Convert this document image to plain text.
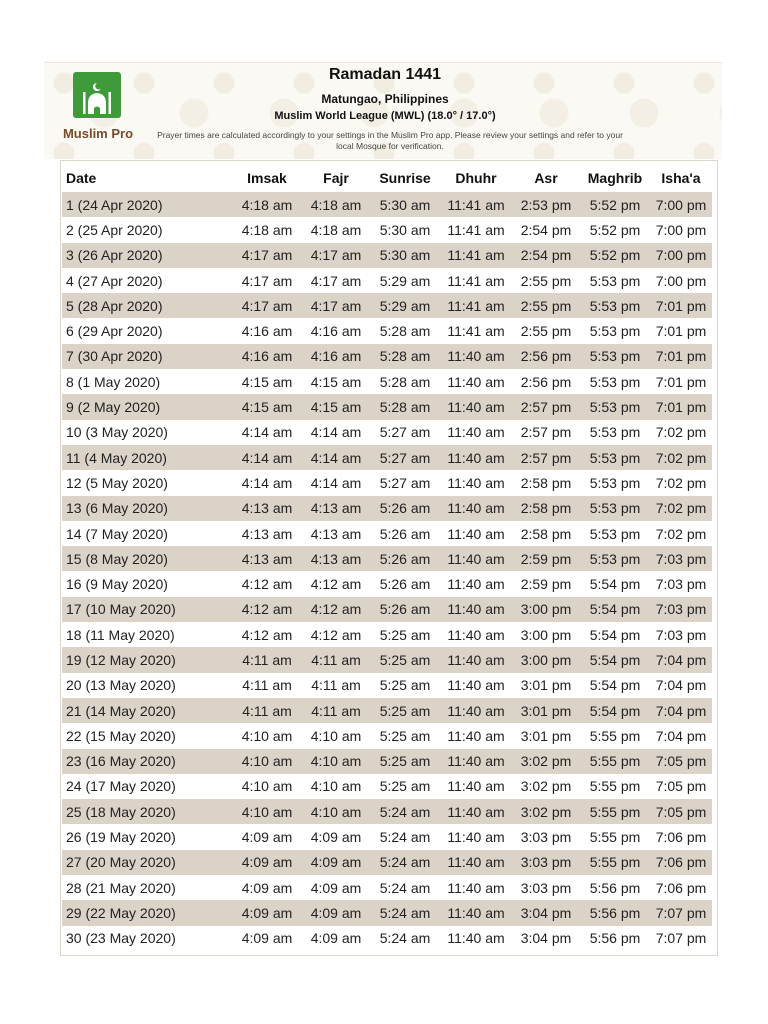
Muslim Pro
Ramadan 1441
Matungao, Philippines
Muslim World League (MWL) (18.0° / 17.0°)
Prayer times are calculated accordingly to your settings in the Muslim Pro app. Please review your settings and refer to your local Mosque for verification.
Date	Imsak	Fajr	Sunrise	Dhuhr	Asr	Maghrib	Isha'a
1 (24 Apr 2020)	4:18 am	4:18 am	5:30 am	11:41 am	2:53 pm	5:52 pm	7:00 pm
2 (25 Apr 2020)	4:18 am	4:18 am	5:30 am	11:41 am	2:54 pm	5:52 pm	7:00 pm
3 (26 Apr 2020)	4:17 am	4:17 am	5:30 am	11:41 am	2:54 pm	5:52 pm	7:00 pm
4 (27 Apr 2020)	4:17 am	4:17 am	5:29 am	11:41 am	2:55 pm	5:53 pm	7:00 pm
5 (28 Apr 2020)	4:17 am	4:17 am	5:29 am	11:41 am	2:55 pm	5:53 pm	7:01 pm
6 (29 Apr 2020)	4:16 am	4:16 am	5:28 am	11:41 am	2:55 pm	5:53 pm	7:01 pm
7 (30 Apr 2020)	4:16 am	4:16 am	5:28 am	11:40 am	2:56 pm	5:53 pm	7:01 pm
8 (1 May 2020)	4:15 am	4:15 am	5:28 am	11:40 am	2:56 pm	5:53 pm	7:01 pm
9 (2 May 2020)	4:15 am	4:15 am	5:28 am	11:40 am	2:57 pm	5:53 pm	7:01 pm
10 (3 May 2020)	4:14 am	4:14 am	5:27 am	11:40 am	2:57 pm	5:53 pm	7:02 pm
11 (4 May 2020)	4:14 am	4:14 am	5:27 am	11:40 am	2:57 pm	5:53 pm	7:02 pm
12 (5 May 2020)	4:14 am	4:14 am	5:27 am	11:40 am	2:58 pm	5:53 pm	7:02 pm
13 (6 May 2020)	4:13 am	4:13 am	5:26 am	11:40 am	2:58 pm	5:53 pm	7:02 pm
14 (7 May 2020)	4:13 am	4:13 am	5:26 am	11:40 am	2:58 pm	5:53 pm	7:02 pm
15 (8 May 2020)	4:13 am	4:13 am	5:26 am	11:40 am	2:59 pm	5:53 pm	7:03 pm
16 (9 May 2020)	4:12 am	4:12 am	5:26 am	11:40 am	2:59 pm	5:54 pm	7:03 pm
17 (10 May 2020)	4:12 am	4:12 am	5:26 am	11:40 am	3:00 pm	5:54 pm	7:03 pm
18 (11 May 2020)	4:12 am	4:12 am	5:25 am	11:40 am	3:00 pm	5:54 pm	7:03 pm
19 (12 May 2020)	4:11 am	4:11 am	5:25 am	11:40 am	3:00 pm	5:54 pm	7:04 pm
20 (13 May 2020)	4:11 am	4:11 am	5:25 am	11:40 am	3:01 pm	5:54 pm	7:04 pm
21 (14 May 2020)	4:11 am	4:11 am	5:25 am	11:40 am	3:01 pm	5:54 pm	7:04 pm
22 (15 May 2020)	4:10 am	4:10 am	5:25 am	11:40 am	3:01 pm	5:55 pm	7:04 pm
23 (16 May 2020)	4:10 am	4:10 am	5:25 am	11:40 am	3:02 pm	5:55 pm	7:05 pm
24 (17 May 2020)	4:10 am	4:10 am	5:25 am	11:40 am	3:02 pm	5:55 pm	7:05 pm
25 (18 May 2020)	4:10 am	4:10 am	5:24 am	11:40 am	3:02 pm	5:55 pm	7:05 pm
26 (19 May 2020)	4:09 am	4:09 am	5:24 am	11:40 am	3:03 pm	5:55 pm	7:06 pm
27 (20 May 2020)	4:09 am	4:09 am	5:24 am	11:40 am	3:03 pm	5:55 pm	7:06 pm
28 (21 May 2020)	4:09 am	4:09 am	5:24 am	11:40 am	3:03 pm	5:56 pm	7:06 pm
29 (22 May 2020)	4:09 am	4:09 am	5:24 am	11:40 am	3:04 pm	5:56 pm	7:07 pm
30 (23 May 2020)	4:09 am	4:09 am	5:24 am	11:40 am	3:04 pm	5:56 pm	7:07 pm
